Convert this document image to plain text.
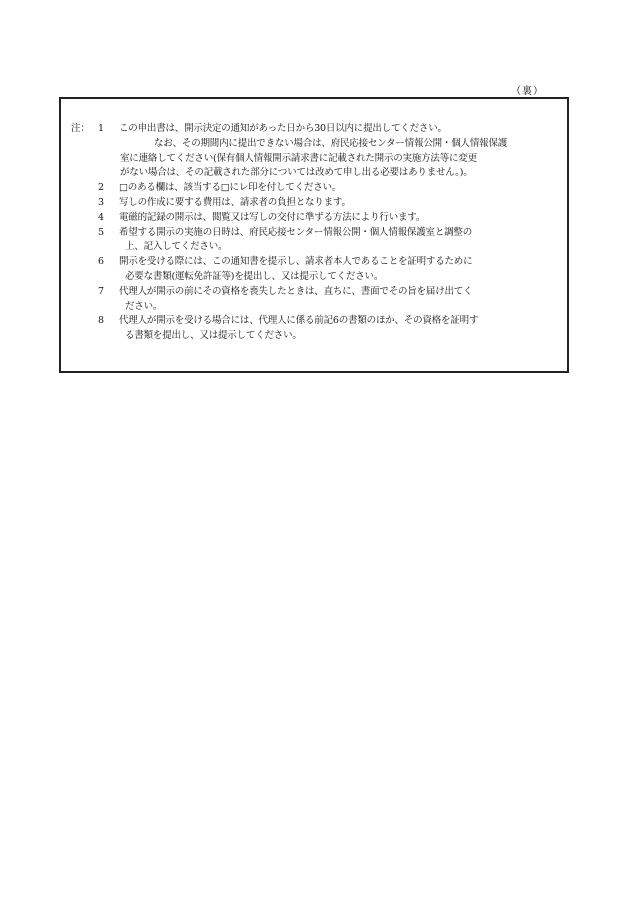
（裏）
注： 1	この申出書は、開示決定の通知があった日から30日以内に提出してください。
なお、その期間内に提出できない場合は、府民応接センター情報公開・個人情報保護
室に連絡してください(保有個人情報開示請求書に記載された開示の実施方法等に変更
がない場合は、その記載された部分については改めて申し出る必要はありません。)。
2	□のある欄は、該当する□にレ印を付してください。
3	写しの作成に要する費用は、請求者の負担となります。
4	電磁的記録の開示は、閲覧又は写しの交付に準ずる方法により行います。
5	希望する開示の実施の日時は、府民応接センター情報公開・個人情報保護室と調整の
上、記入してください。
6	開示を受ける際には、この通知書を提示し、請求者本人であることを証明するために
必要な書類(運転免許証等)を提出し、又は提示してください。
7	代理人が開示の前にその資格を喪失したときは、直ちに、書面でその旨を届け出てく
ださい。
8	代理人が開示を受ける場合には、代理人に係る前記6の書類のほか、その資格を証明す
る書類を提出し、又は提示してください。
